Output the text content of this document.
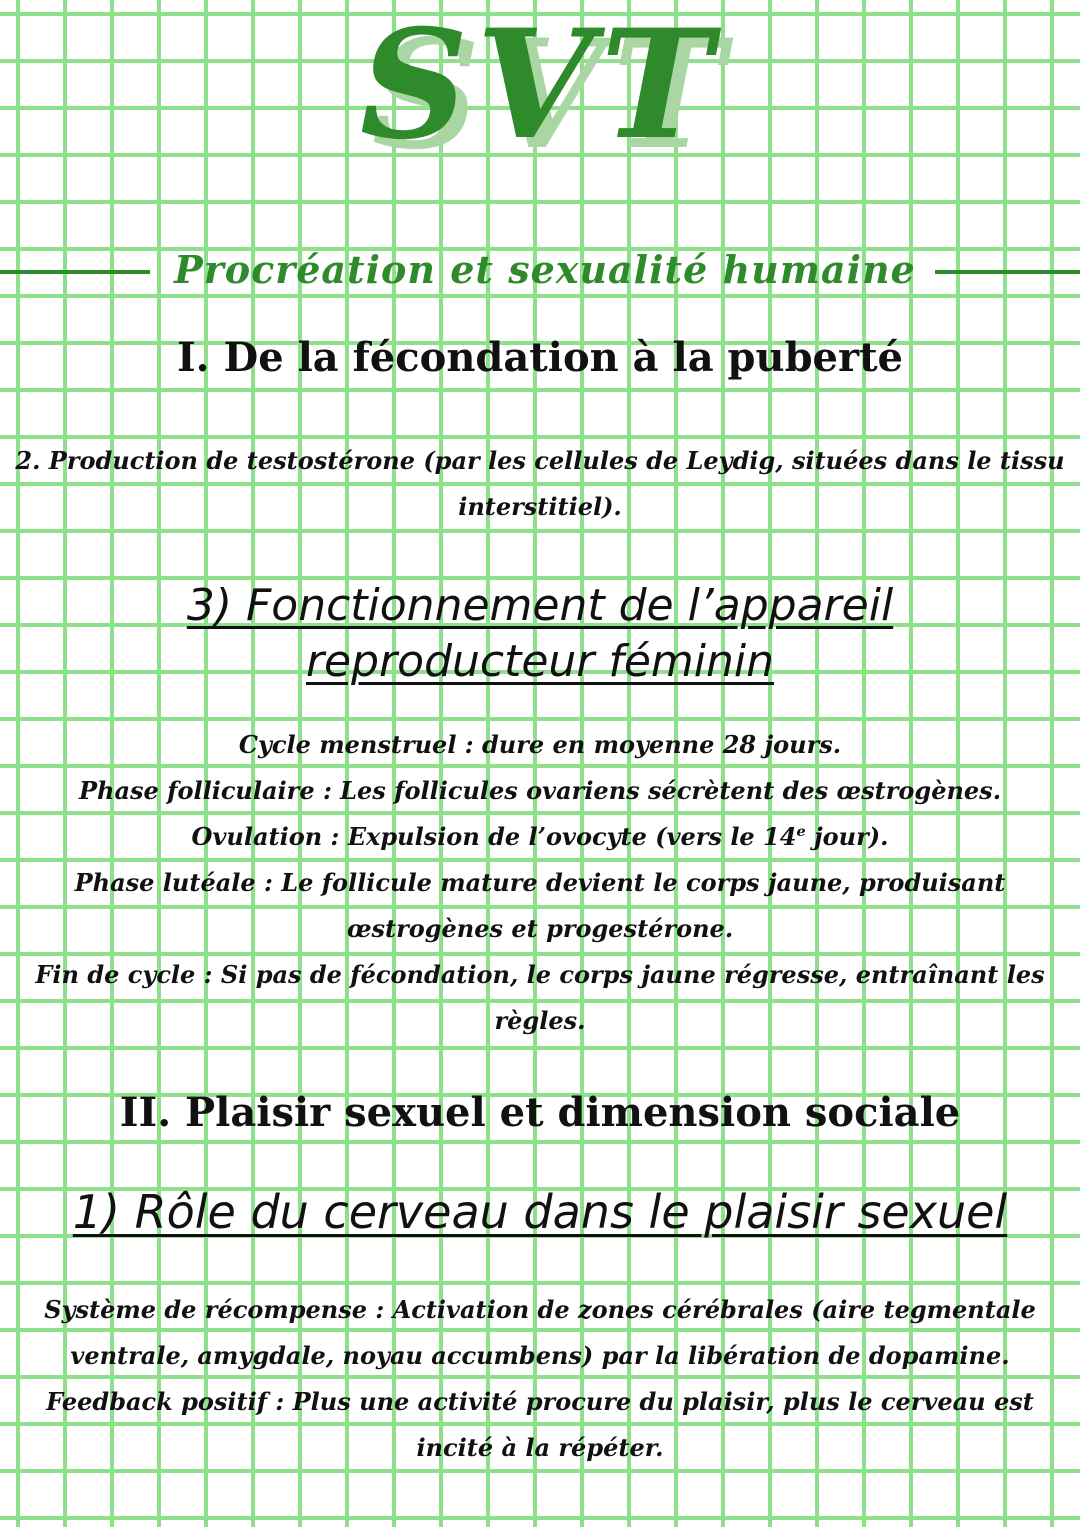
SVT
Procréation et sexualité humaine
I. De la fécondation à la puberté
2. Production de testostérone (par les cellules de Leydig, situées dans le tissu
interstitiel).
3) Fonctionnement de l’appareil
reproducteur féminin
Cycle menstruel : dure en moyenne 28 jours.
Phase folliculaire : Les follicules ovariens sécrètent des œstrogènes.
Ovulation : Expulsion de l’ovocyte (vers le 14e jour).
Phase lutéale : Le follicule mature devient le corps jaune, produisant
œstrogènes et progestérone.
Fin de cycle : Si pas de fécondation, le corps jaune régresse, entraînant les
règles.
II. Plaisir sexuel et dimension sociale
1) Rôle du cerveau dans le plaisir sexuel
Système de récompense : Activation de zones cérébrales (aire tegmentale
ventrale, amygdale, noyau accumbens) par la libération de dopamine.
Feedback positif : Plus une activité procure du plaisir, plus le cerveau est
incité à la répéter.
